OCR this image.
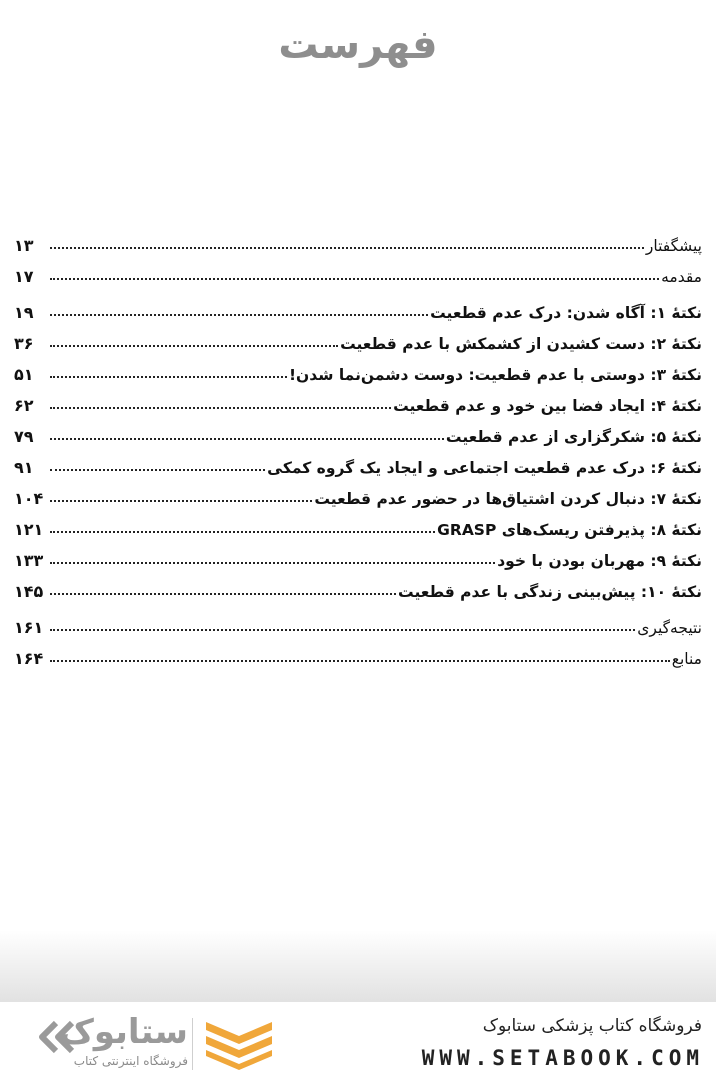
فهرست
پیشگفتار
۱۳
مقدمه
۱۷
نکتهٔ ۱: آگاه شدن: درک عدم قطعیت
۱۹
نکتهٔ ۲: دست کشیدن از کشمکش با عدم قطعیت
۳۶
نکتهٔ ۳: دوستی با عدم قطعیت: دوست دشمن‌نما شدن!
۵۱
نکتهٔ ۴: ایجاد فضا بین خود و عدم قطعیت
۶۲
نکتهٔ ۵: شکرگزاری از عدم قطعیت
۷۹
نکتهٔ ۶: درک عدم قطعیت اجتماعی و ایجاد یک گروه کمکی
۹۱
نکتهٔ ۷: دنبال کردن اشتیاق‌ها در حضور عدم قطعیت
۱۰۴
نکتهٔ ۸: پذیرفتن ریسک‌های GRASP
۱۲۱
نکتهٔ ۹: مهربان بودن با خود
۱۳۳
نکتهٔ ۱۰: پیش‌بینی زندگی با عدم قطعیت
۱۴۵
نتیجه‌گیری
۱۶۱
منابع
۱۶۴
ستابوک
فروشگاه اینترنتی کتاب
فروشگاه کتاب پزشکی ستابوک
WWW.SETABOOK.COM
